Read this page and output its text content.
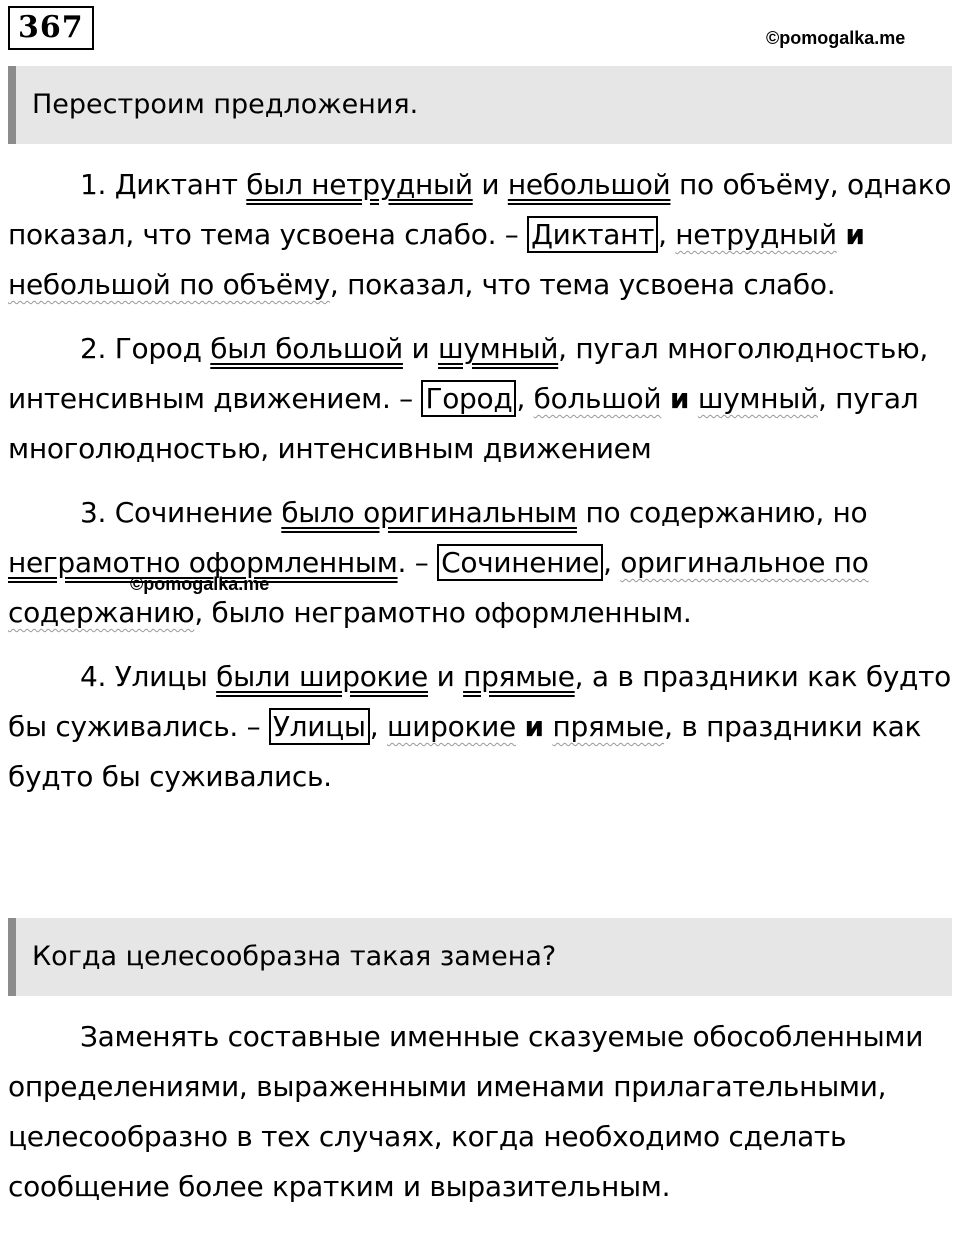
367	©pomogalka.me
Перестроим предложения.

1. Диктант был нетрудный и небольшой по объёму, однако показал, что тема усвоена слабо. – Диктант , нетрудный и небольшой по объёму, показал, что тема усвоена слабо.

2. Город был большой и шумный, пугал многолюдностью, интенсивным движением. – Город , большой и шумный, пугал многолюдностью, интенсивным движением

3. Сочинение было оригинальным по содержанию, но неграмотно оформленным. – Сочинение , оригинальное по содержанию, было неграмотно оформленным.

4. Улицы были широкие и прямые, а в праздники как будто бы суживались. – Улицы , широкие и прямые, в праздники как будто бы суживались.

©pomogalka.me
Когда целесообразна такая замена?

Заменять составные именные сказуемые обособленными определениями, выраженными именами прилагательными, целесообразно в тех случаях, когда необходимо сделать сообщение более кратким и выразительным.
